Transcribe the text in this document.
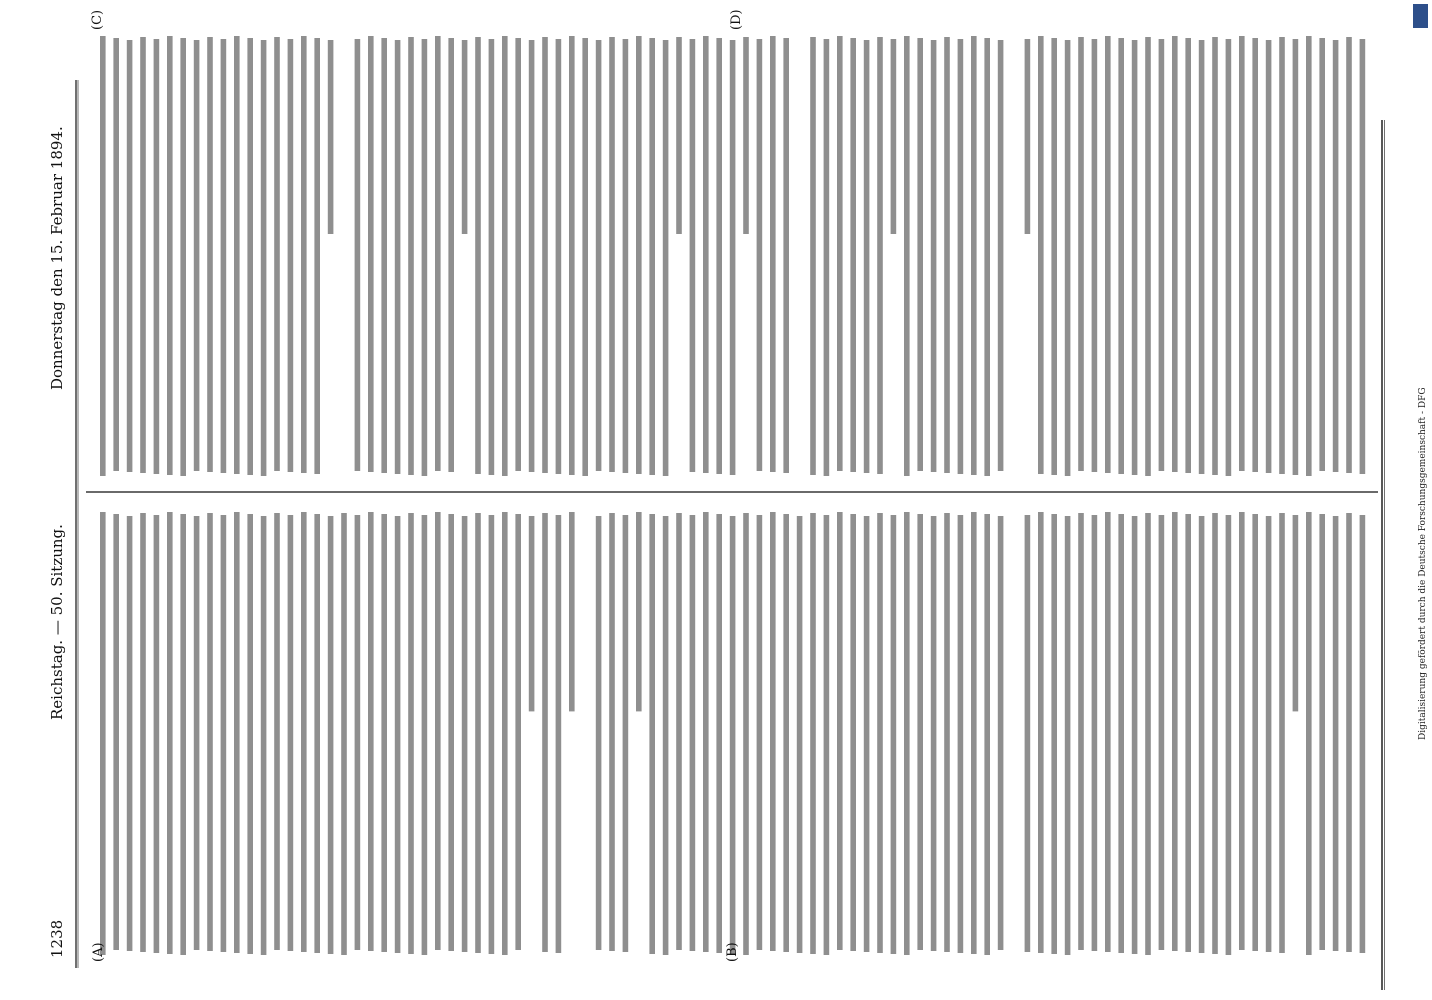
1238
Reichstag. — 50. Sitzung.
Donnerstag den 15. Februar 1894.
(A)	(B)
(C)	(D)
Digitalisierung gefördert durch die Deutsche Forschungsgemeinschaft - DFG
